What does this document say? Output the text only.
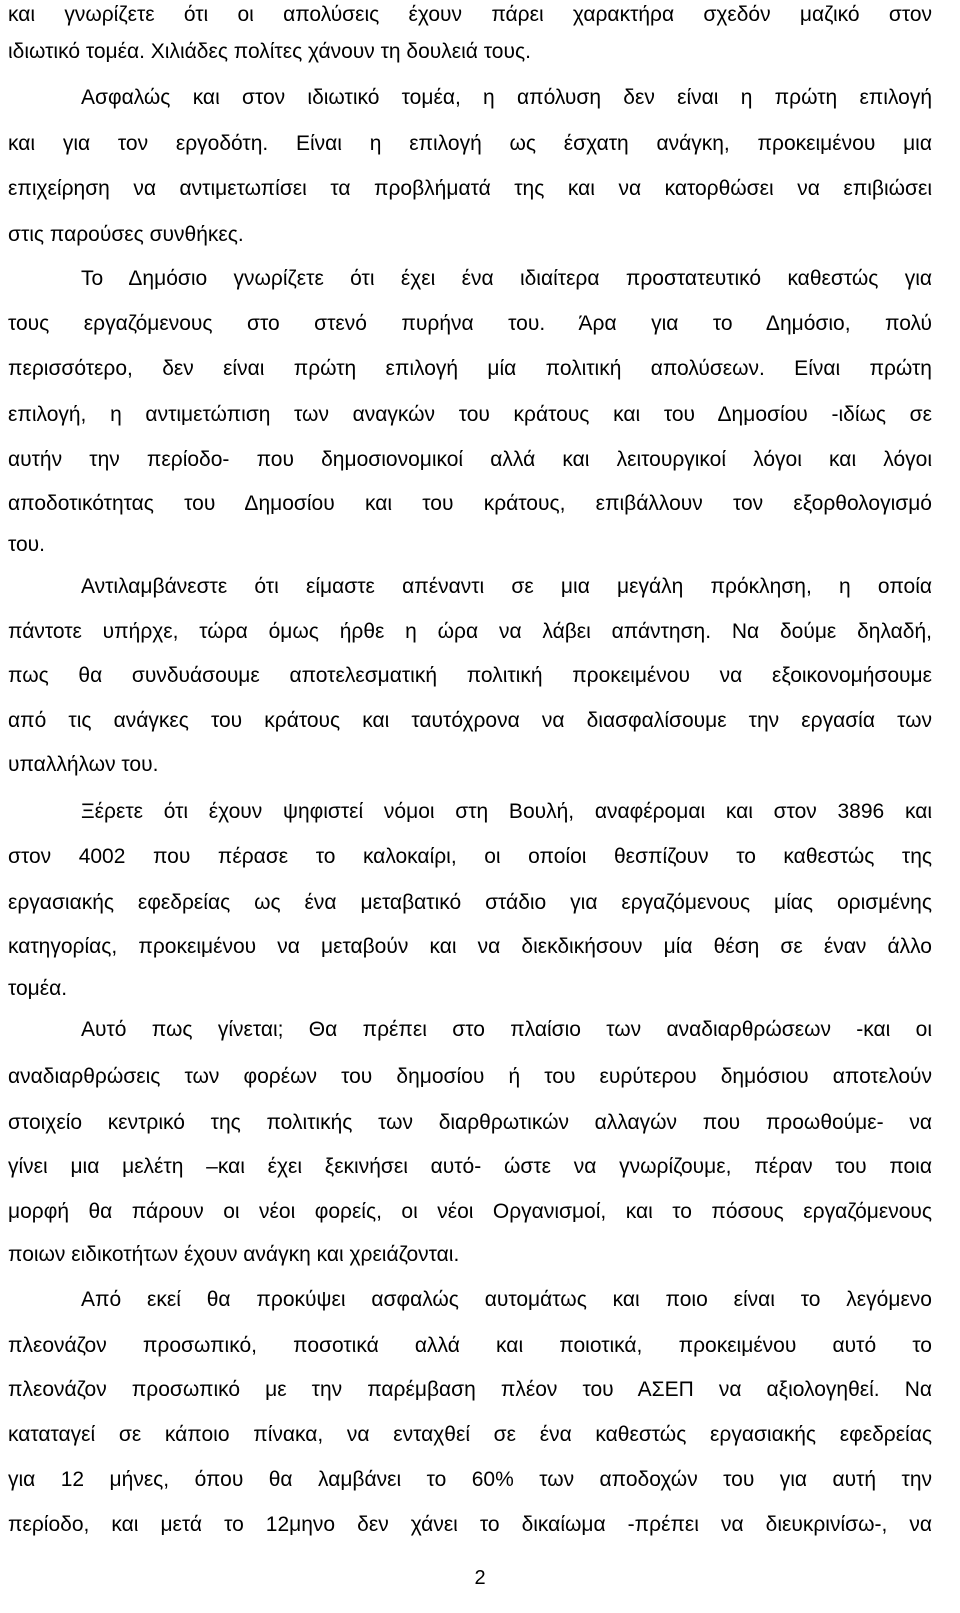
και γνωρίζετε ότι οι απολύσεις έχουν πάρει χαρακτήρα σχεδόν μαζικό στον
ιδιωτικό τομέα. Χιλιάδες πολίτες χάνουν τη δουλειά τους.
Ασφαλώς και στον ιδιωτικό τομέα, η απόλυση δεν είναι η πρώτη επιλογή
και για τον εργοδότη. Είναι η επιλογή ως έσχατη ανάγκη, προκειμένου μια
επιχείρηση να αντιμετωπίσει τα προβλήματά της και να κατορθώσει να επιβιώσει
στις παρούσες συνθήκες.
Το Δημόσιο γνωρίζετε ότι έχει ένα ιδιαίτερα προστατευτικό καθεστώς για
τους εργαζόμενους στο στενό πυρήνα του. Άρα για το Δημόσιο, πολύ
περισσότερο, δεν είναι πρώτη επιλογή μία πολιτική απολύσεων. Είναι πρώτη
επιλογή, η αντιμετώπιση των αναγκών του κράτους και του Δημοσίου -ιδίως σε
αυτήν την περίοδο- που δημοσιονομικοί αλλά και λειτουργικοί λόγοι και λόγοι
αποδοτικότητας του Δημοσίου και του κράτους, επιβάλλουν τον εξορθολογισμό
του.
Αντιλαμβάνεστε ότι είμαστε απέναντι σε μια μεγάλη πρόκληση, η οποία
πάντοτε υπήρχε, τώρα όμως ήρθε η ώρα να λάβει απάντηση. Να δούμε δηλαδή,
πως θα συνδυάσουμε αποτελεσματική πολιτική προκειμένου να εξοικονομήσουμε
από τις ανάγκες του κράτους και ταυτόχρονα να διασφαλίσουμε την εργασία των
υπαλλήλων του.
Ξέρετε ότι έχουν ψηφιστεί νόμοι στη Βουλή, αναφέρομαι και στον 3896 και
στον 4002 που πέρασε το καλοκαίρι, οι οποίοι θεσπίζουν το καθεστώς της
εργασιακής εφεδρείας ως ένα μεταβατικό στάδιο για εργαζόμενους μίας ορισμένης
κατηγορίας, προκειμένου να μεταβούν και να διεκδικήσουν μία θέση σε έναν άλλο
τομέα.
Αυτό πως γίνεται; Θα πρέπει στο πλαίσιο των αναδιαρθρώσεων -και οι
αναδιαρθρώσεις των φορέων του δημοσίου ή του ευρύτερου δημόσιου αποτελούν
στοιχείο κεντρικό της πολιτικής των διαρθρωτικών αλλαγών που προωθούμε- να
γίνει μια μελέτη –και έχει ξεκινήσει αυτό- ώστε να γνωρίζουμε, πέραν του ποια
μορφή θα πάρουν οι νέοι φορείς, οι νέοι Οργανισμοί, και το πόσους εργαζόμενους
ποιων ειδικοτήτων έχουν ανάγκη και χρειάζονται.
Από εκεί θα προκύψει ασφαλώς αυτομάτως και ποιο είναι το λεγόμενο
πλεονάζον προσωπικό, ποσοτικά αλλά και ποιοτικά, προκειμένου αυτό το
πλεονάζον προσωπικό με την παρέμβαση πλέον του ΑΣΕΠ να αξιολογηθεί. Να
καταταγεί σε κάποιο πίνακα, να ενταχθεί σε ένα καθεστώς εργασιακής εφεδρείας
για 12 μήνες, όπου θα λαμβάνει το 60% των αποδοχών του για αυτή την
περίοδο, και μετά το 12μηνο δεν χάνει το δικαίωμα -πρέπει να διευκρινίσω-, να
2
